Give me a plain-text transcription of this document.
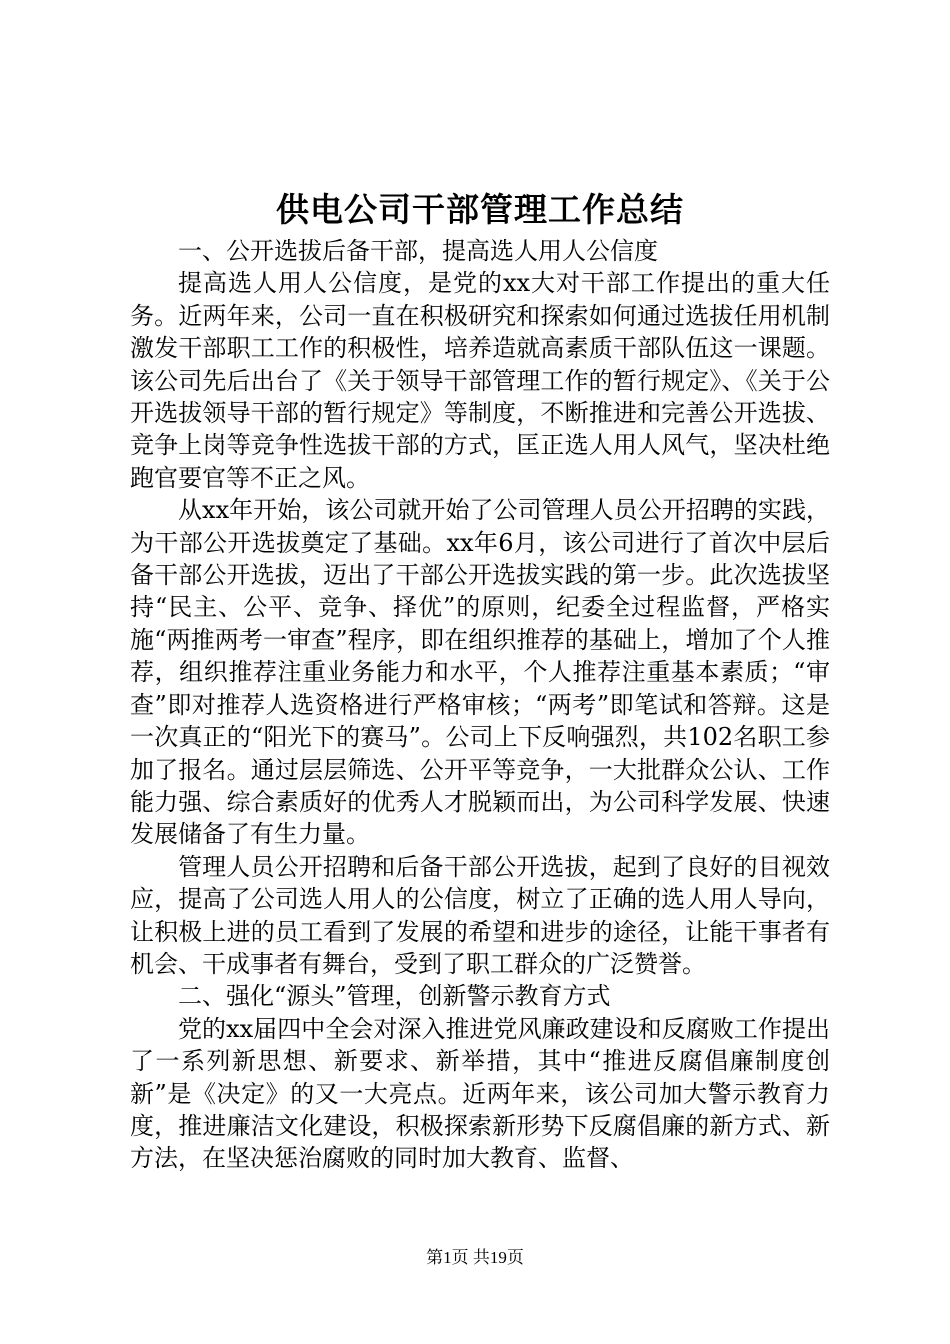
供电公司干部管理工作总结

一、公开选拔后备干部，提高选人用人公信度

提高选人用人公信度，是党的xx大对干部工作提出的重大任务。近两年来，公司一直在积极研究和探索如何通过选拔任用机制激发干部职工工作的积极性，培养造就高素质干部队伍这一课题。该公司先后出台了《关于领导干部管理工作的暂行规定》、《关于公开选拔领导干部的暂行规定》等制度，不断推进和完善公开选拔、竞争上岗等竞争性选拔干部的方式，匡正选人用人风气，坚决杜绝跑官要官等不正之风。

从xx年开始，该公司就开始了公司管理人员公开招聘的实践，为干部公开选拔奠定了基础。xx年6月，该公司进行了首次中层后备干部公开选拔，迈出了干部公开选拔实践的第一步。此次选拔坚持“民主、公平、竞争、择优”的原则，纪委全过程监督，严格实施“两推两考一审查”程序，即在组织推荐的基础上，增加了个人推荐，组织推荐注重业务能力和水平，个人推荐注重基本素质；“审查”即对推荐人选资格进行严格审核；“两考”即笔试和答辩。这是一次真正的“阳光下的赛马”。公司上下反响强烈，共102名职工参加了报名。通过层层筛选、公开平等竞争，一大批群众公认、工作能力强、综合素质好的优秀人才脱颖而出，为公司科学发展、快速发展储备了有生力量。

管理人员公开招聘和后备干部公开选拔，起到了良好的目视效应，提高了公司选人用人的公信度，树立了正确的选人用人导向，让积极上进的员工看到了发展的希望和进步的途径，让能干事者有机会、干成事者有舞台，受到了职工群众的广泛赞誉。

二、强化“源头”管理，创新警示教育方式

党的xx届四中全会对深入推进党风廉政建设和反腐败工作提出了一系列新思想、新要求、新举措，其中“推进反腐倡廉制度创新”是《决定》的又一大亮点。近两年来，该公司加大警示教育力度，推进廉洁文化建设，积极探索新形势下反腐倡廉的新方式、新方法，在坚决惩治腐败的同时加大教育、监督、

第1页 共19页
